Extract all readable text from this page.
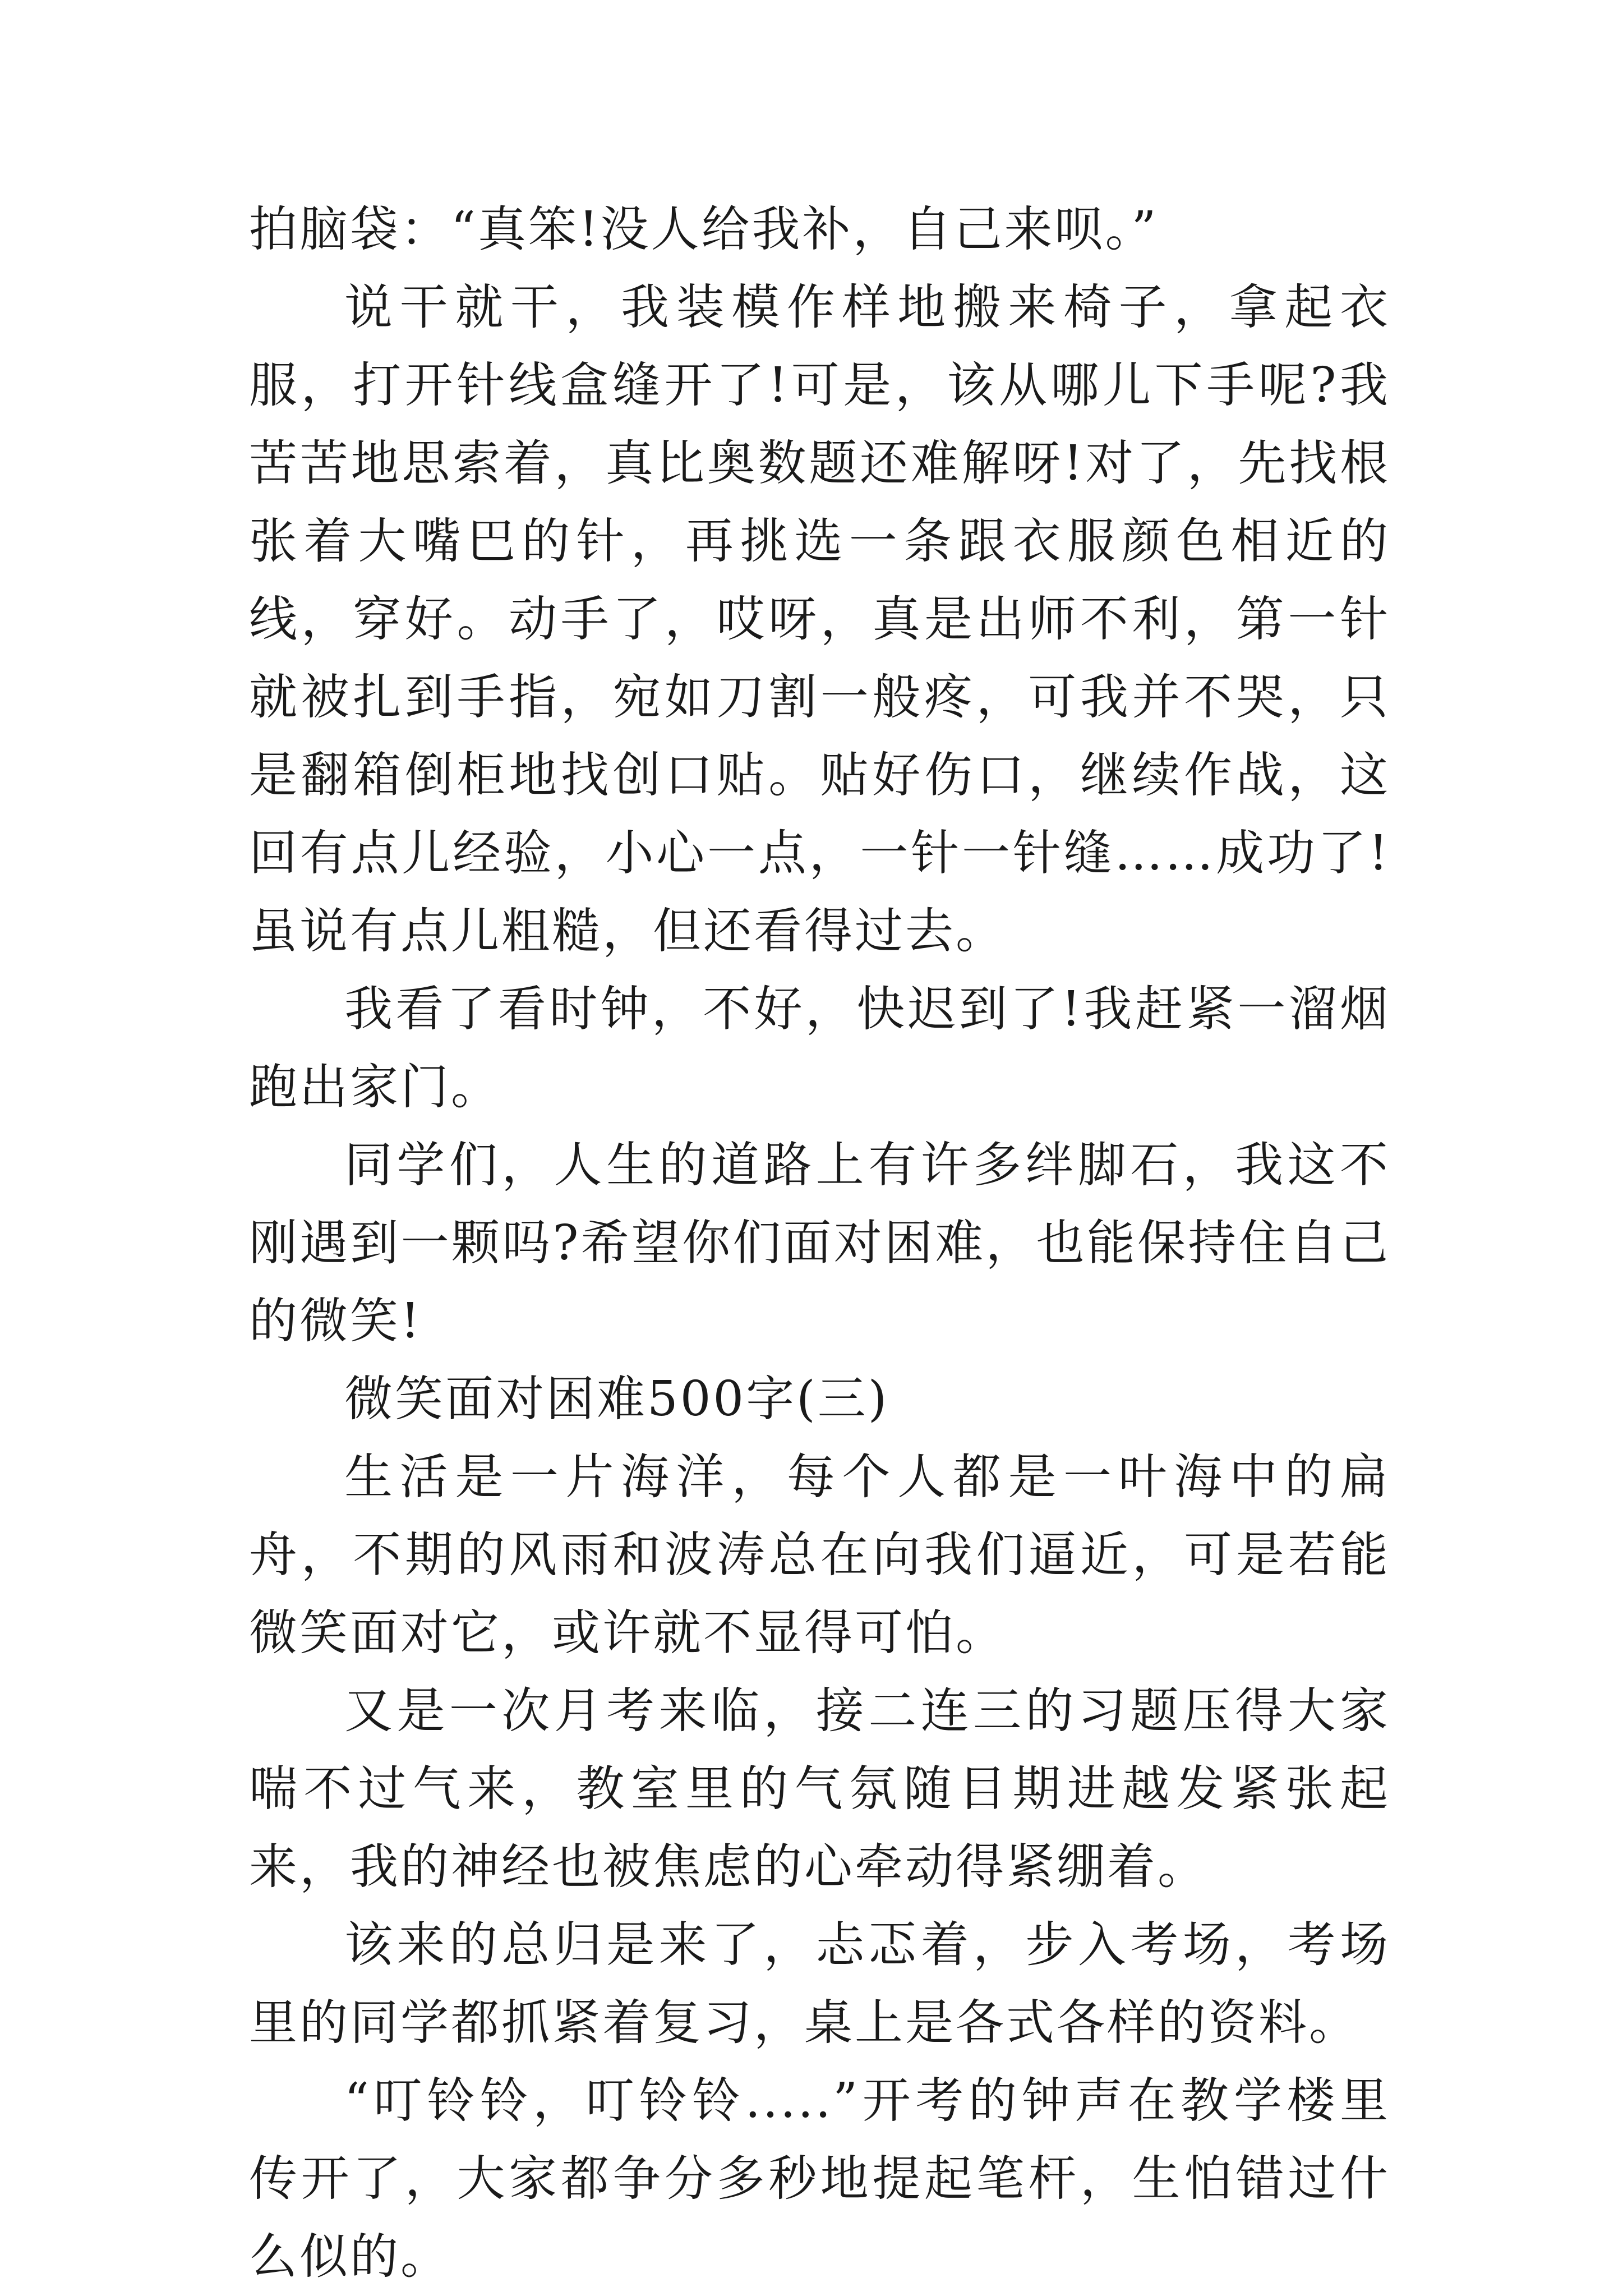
拍脑袋：“真笨!没人给我补，自己来呗。”

说干就干，我装模作样地搬来椅子，拿起衣服，打开针线盒缝开了!可是，该从哪儿下手呢?我苦苦地思索着，真比奥数题还难解呀!对了，先找根张着大嘴巴的针，再挑选一条跟衣服颜色相近的线，穿好。动手了，哎呀，真是出师不利，第一针就被扎到手指，宛如刀割一般疼，可我并不哭，只是翻箱倒柜地找创口贴。贴好伤口，继续作战，这回有点儿经验，小心一点，一针一针缝……成功了!虽说有点儿粗糙，但还看得过去。

我看了看时钟，不好，快迟到了!我赶紧一溜烟跑出家门。

同学们，人生的道路上有许多绊脚石，我这不刚遇到一颗吗?希望你们面对困难，也能保持住自己的微笑!

微笑面对困难500字(三)

生活是一片海洋，每个人都是一叶海中的扁舟，不期的风雨和波涛总在向我们逼近，可是若能微笑面对它，或许就不显得可怕。

又是一次月考来临，接二连三的习题压得大家喘不过气来，教室里的气氛随目期进越发紧张起来，我的神经也被焦虑的心牵动得紧绷着。

该来的总归是来了，忐忑着，步入考场，考场里的同学都抓紧着复习，桌上是各式各样的资料。

“叮铃铃，叮铃铃.....”开考的钟声在教学楼里传开了，大家都争分多秒地提起笔杆，生怕错过什么似的。
